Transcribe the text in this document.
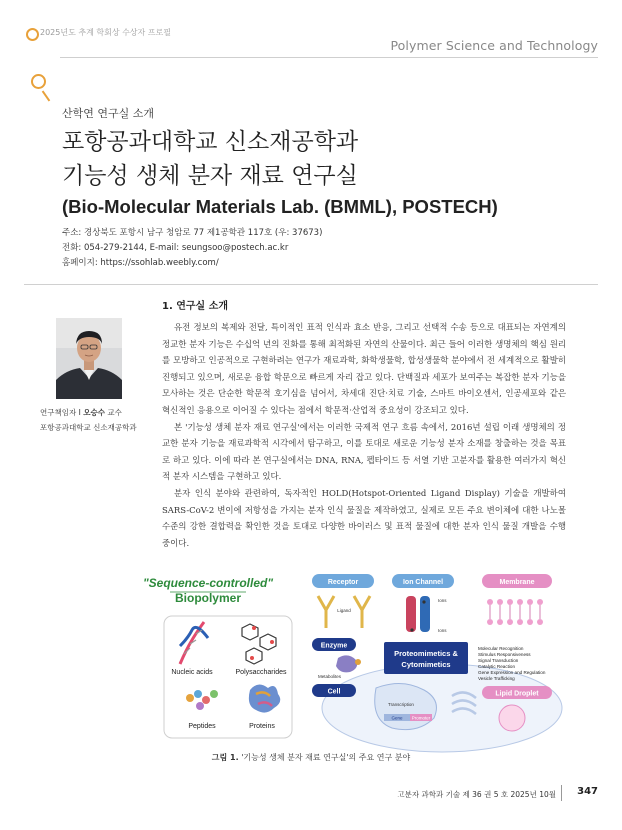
2025년도 추계 학회상 수상자 프로필
Polymer Science and Technology
산학연 연구실 소개
포항공과대학교 신소재공학과
기능성 생체 분자 재료 연구실
(Bio-Molecular Materials Lab. (BMML), POSTECH)
주소: 경상북도 포항시 남구 청암로 77 제1공학관 117호 (우: 37673)
전화: 054-279-2144, E-mail: seungsoo@postech.ac.kr
홈페이지: https://ssohlab.weebly.com/
연구책임자 I 오승수 교수
포항공과대학교 신소재공학과
1. 연구실 소개

유전 정보의 복제와 전달, 특이적인 표적 인식과 효소 반응, 그리고 선택적 수송 등으로 대표되는 자연계의 정교한 분자 기능은 수십억 년의 진화를 통해 최적화된 자연의 산물이다. 최근 들어 이러한 생명체의 핵심 원리를 모방하고 인공적으로 구현하려는 연구가 재료과학, 화학생물학, 합성생물학 분야에서 전 세계적으로 활발히 진행되고 있으며, 새로운 융합 학문으로 빠르게 자리 잡고 있다. 단백질과 세포가 보여주는 복잡한 분자 기능을 모사하는 것은 단순한 학문적 호기심을 넘어서, 차세대 진단·치료 기술, 스마트 바이오센서, 인공세포와 같은 혁신적인 응용으로 이어질 수 있다는 점에서 학문적·산업적 중요성이 강조되고 있다.

본 '기능성 생체 분자 재료 연구실'에서는 이러한 국제적 연구 흐름 속에서, 2016년 설립 이래 생명체의 정교한 분자 기능을 재료과학적 시각에서 탐구하고, 이를 토대로 새로운 기능성 분자 소재를 창출하는 것을 목표로 하고 있다. 이에 따라 본 연구실에서는 DNA, RNA, 펩타이드 등 서열 기반 고분자를 활용한 여러가지 혁신적 분자 시스템을 구현하고 있다.

분자 인식 분야와 관련하여, 독자적인 HOLD(Hotspot-Oriented Ligand Display) 기술을 개발하여 SARS-CoV-2 변이에 저항성을 가지는 분자 인식 물질을 제작하였고, 실제로 모든 주요 변이체에 대한 나노몰 수준의 강한 결합력을 확인한 것을 토대로 다양한 바이러스 및 표적 물질에 대한 분자 인식 물질 개발을 수행 중이다.

"Sequence-controlled"
Biopolymer
Nucleic acids	Polysaccharides
Peptides	Proteins
Receptor	Ion Channel	Membrane
Ligand
Ions
Ions
Enzyme
Metabolites
Proteomimetics &
Cytomimetics
Molecular Recognition
Stimulus Responsiveness
Signal Transduction
Catalytic Reaction
Gene Expression and Regulation
Vesicle Trafficking
Cell	Lipid Droplet
Transcription
Gene Promoter
그림 1. '기능성 생체 분자 재료 연구실'의 주요 연구 분야
고분자 과학과 기술 제 36 권 5 호 2025년 10월 347
